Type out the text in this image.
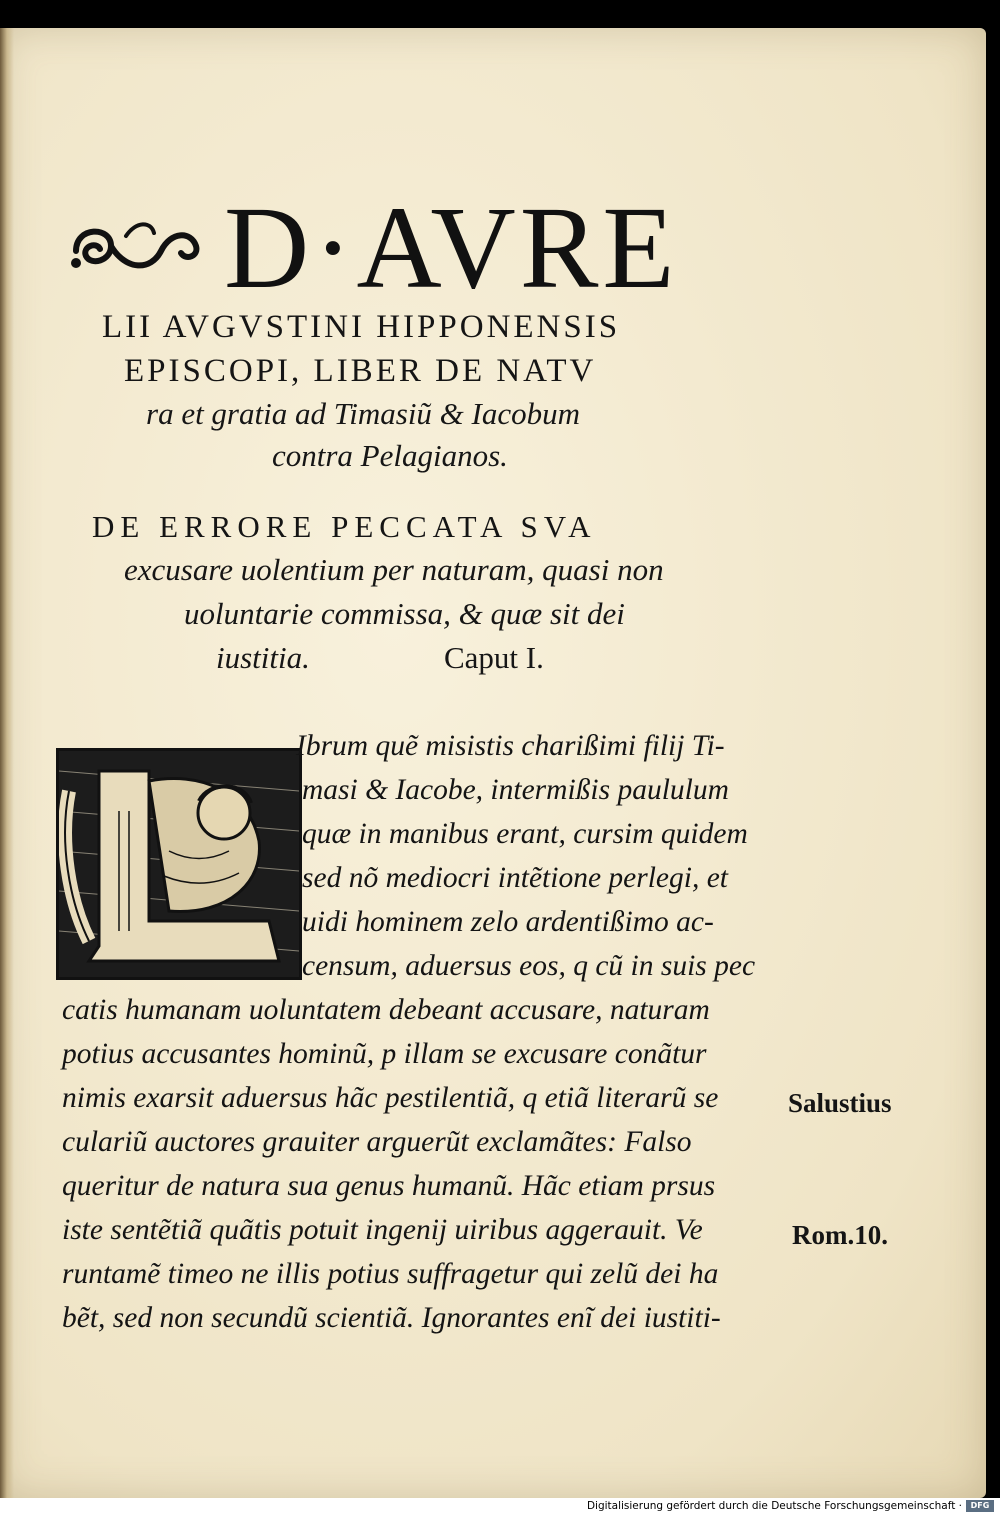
D·AVRE
LII AVGVSTINI HIPPONENSIS
EPISCOPI, LIBER DE NATV
ra et gratia ad Timasiũ & Iacobum
contra Pelagianos.
DE ERRORE PECCATA SVA
excusare uolentium per naturam, quasi non
uoluntarie commissa, & quæ sit dei
iustitia.	Caput I.
Ibrum quẽ misistis charißimi filij Ti-
masi & Iacobe, intermißis paululum
quæ in manibus erant, cursim quidem
sed nõ mediocri intẽtione perlegi, et
uidi hominem zelo ardentißimo ac-
censum, aduersus eos, q cũ in suis pec
catis humanam uoluntatem debeant accusare, naturam
potius accusantes hominũ, p illam se excusare conãtur
nimis exarsit aduersus hãc pestilentiã, q etiã literarũ se
culariũ auctores grauiter arguerũt exclamãtes: Falso
queritur de natura sua genus humanũ. Hãc etiam prsus
iste sentẽtiã quãtis potuit ingenij uiribus aggerauit. Ve
runtamẽ timeo ne illis potius suffragetur qui zelũ dei ha
bẽt, sed non secundũ scientiã. Ignorantes enĩ dei iustiti-
Salustius
Rom.10.
Digitalisierung gefördert durch die Deutsche Forschungsgemeinschaft ·	DFG
